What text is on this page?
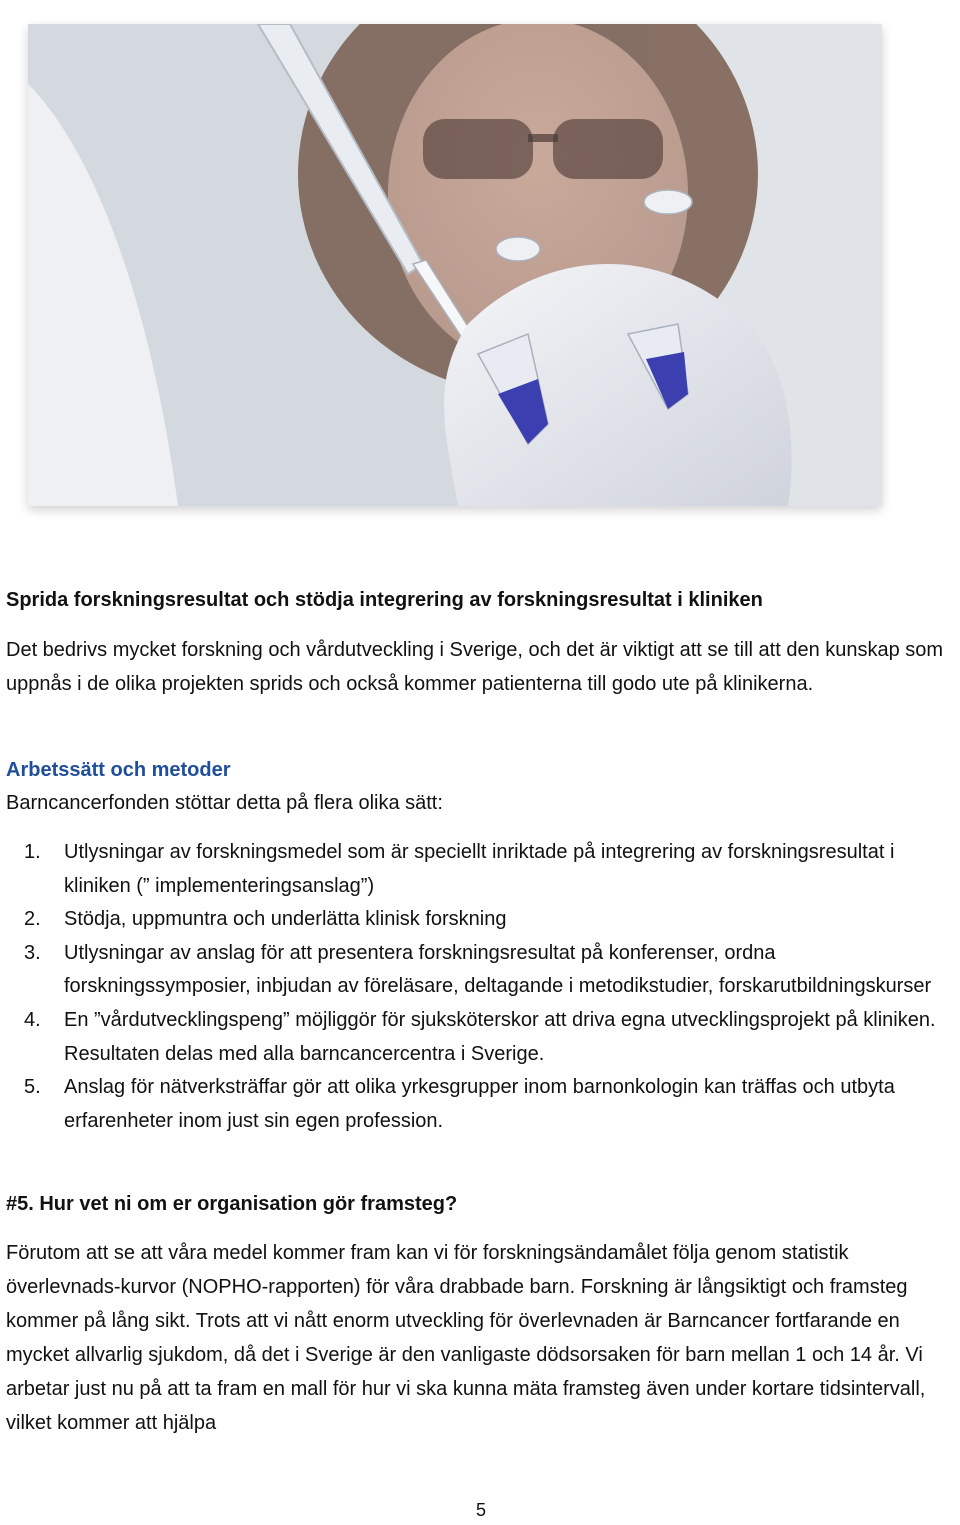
Sprida forskningsresultat och stödja integrering av forskningsresultat i kliniken
Det bedrivs mycket forskning och vårdutveckling i Sverige, och det är viktigt att se till att den kunskap som uppnås i de olika projekten sprids och också kommer patienterna till godo ute på klinikerna.
Arbetssätt och metoder
Barncancerfonden stöttar detta på flera olika sätt:
1. Utlysningar av forskningsmedel som är speciellt inriktade på integrering av forskningsresultat i kliniken (” implementeringsanslag”)
2. Stödja, uppmuntra och underlätta klinisk forskning
3. Utlysningar av anslag för att presentera forskningsresultat på konferenser, ordna forskningssymposier, inbjudan av föreläsare, deltagande i metodikstudier, forskarutbildningskurser
4. En ”vårdutvecklingspeng” möjliggör för sjuksköterskor att driva egna utvecklingsprojekt på kliniken. Resultaten delas med alla barncancercentra i Sverige.
5. Anslag för nätverksträffar gör att olika yrkesgrupper inom barnonkologin kan träffas och utbyta erfarenheter inom just sin egen profession.
#5. Hur vet ni om er organisation gör framsteg?
Förutom att se att våra medel kommer fram kan vi för forskningsändamålet följa genom statistik överlevnads-kurvor (NOPHO-rapporten) för våra drabbade barn. Forskning är långsiktigt och framsteg kommer på lång sikt. Trots att vi nått enorm utveckling för överlevnaden är Barncancer fortfarande en mycket allvarlig sjukdom, då det i Sverige är den vanligaste dödsorsaken för barn mellan 1 och 14 år. Vi arbetar just nu på att ta fram en mall för hur vi ska kunna mäta framsteg även under kortare tidsintervall, vilket kommer att hjälpa
5
